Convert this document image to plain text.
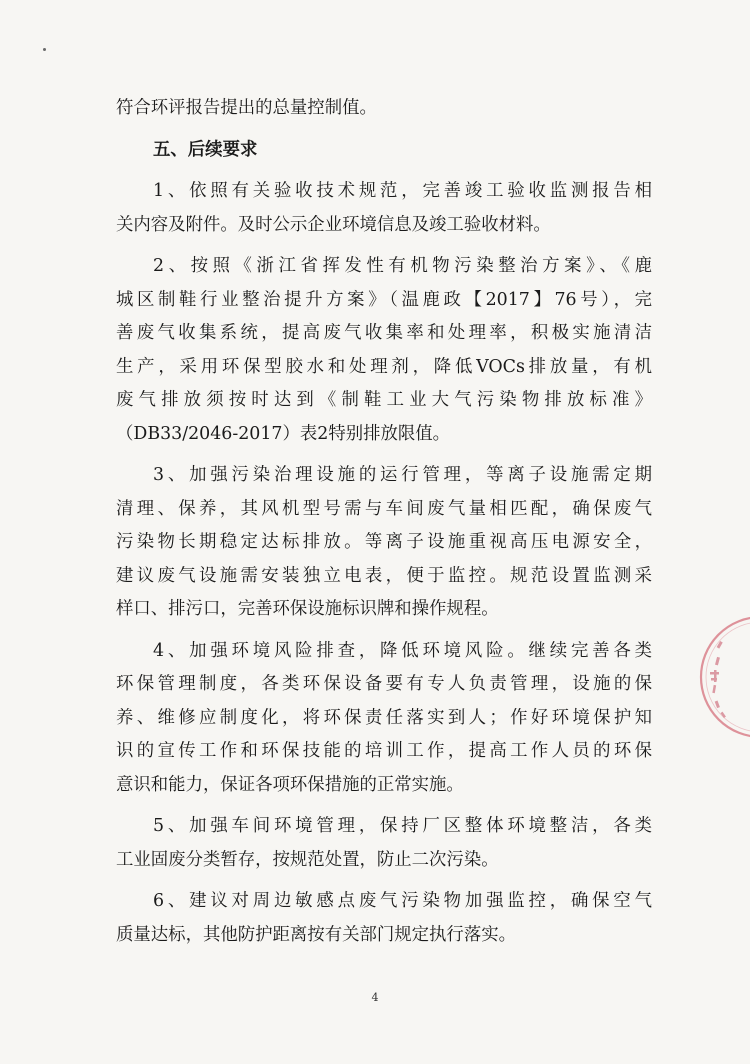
符合环评报告提出的总量控制值。
五、后续要求
1、依照有关验收技术规范，完善竣工验收监测报告相
关内容及附件。及时公示企业环境信息及竣工验收材料。
2、按照《浙江省挥发性有机物污染整治方案》、《鹿
城区制鞋行业整治提升方案》（温鹿政【2017】76号），完
善废气收集系统，提高废气收集率和处理率，积极实施清洁
生产，采用环保型胶水和处理剂，降低VOCs排放量，有机
废气排放须按时达到《制鞋工业大气污染物排放标准》
（DB33/2046-2017）表2特别排放限值。
3、加强污染治理设施的运行管理，等离子设施需定期
清理、保养，其风机型号需与车间废气量相匹配，确保废气
污染物长期稳定达标排放。等离子设施重视高压电源安全，
建议废气设施需安装独立电表，便于监控。规范设置监测采
样口、排污口，完善环保设施标识牌和操作规程。
4、加强环境风险排查，降低环境风险。继续完善各类
环保管理制度，各类环保设备要有专人负责管理，设施的保
养、维修应制度化，将环保责任落实到人；作好环境保护知
识的宣传工作和环保技能的培训工作，提高工作人员的环保
意识和能力，保证各项环保措施的正常实施。
5、加强车间环境管理，保持厂区整体环境整洁，各类
工业固废分类暂存，按规范处置，防止二次污染。
6、建议对周边敏感点废气污染物加强监控，确保空气
质量达标，其他防护距离按有关部门规定执行落实。
4
